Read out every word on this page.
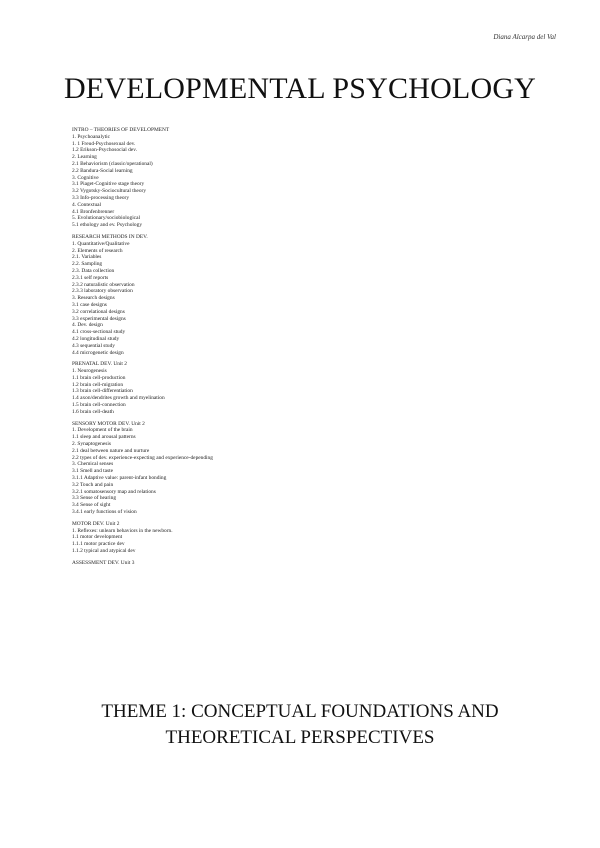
Diana Alcarpa del Val
DEVELOPMENTAL PSYCHOLOGY
INTRO – THEORIES OF DEVELOPMENT
1. Psychoanalytic
1. 1 Freud-Psychosexual dev.
1.2 Erikson-Psychosocial dev.
2. Learning
2.1 Behaviorism (classic/operational)
2.2 Bandura-Social learning
3. Cognitive
3.1 Piaget-Cognitive stage theory
3.2 Vygotsky-Sociocultural theory
3.3 Info-processing theory
4. Contextual
4.1 Bronfenbrenner
5. Evolutionary/sociobiological
5.1 ethology and ev. Psychology
RESEARCH METHODS IN DEV.
1. Quantitative/Qualitative
2. Elements of research
2.1. Variables
2.2. Sampling
2.3. Data collection
2.3.1 self reports
2.3.2 naturalistic observation
2.3.3 laboratory observation
3. Research designs
3.1 case designs
3.2 correlational designs
3.3 experimental designs
4. Dev. design
4.1 cross-sectional study
4.2 longitudinal study
4.3 sequential study
4.4 microgenetic design
PRENATAL DEV. Unit 2
1. Neurogenesis
1.1 brain cell-production
1.2 brain cell-migration
1.3 brain cell-differentiation
1.4 axon/dendrites growth and myelination
1.5 brain cell-connection
1.6 brain cell-death
SENSORY MOTOR DEV. Unit 2
1. Development of the brain
1.1 sleep and arousal patterns
2. Synaptogenesis
2.1 deal between nature and nurture
2.2 types of dev. experience-expecting and experience-depending
3. Chemical senses
3.1 Smell and taste
3.1.1 Adaptive value: parent-infant bonding
3.2 Touch and pain
3.2.1 somatosensory map and relations
3.3 Sense of hearing
3.4 Sense of sight
3.4.1 early functions of vision
MOTOR DEV. Unit 2
1. Reflexes: unlearn behaviors in the newborn.
1.1 motor development
1.1.1 motor practice dev
1.1.2 typical and atypical dev
ASSESSMENT DEV. Unit 3
THEME 1: CONCEPTUAL FOUNDATIONS AND
THEORETICAL PERSPECTIVES
